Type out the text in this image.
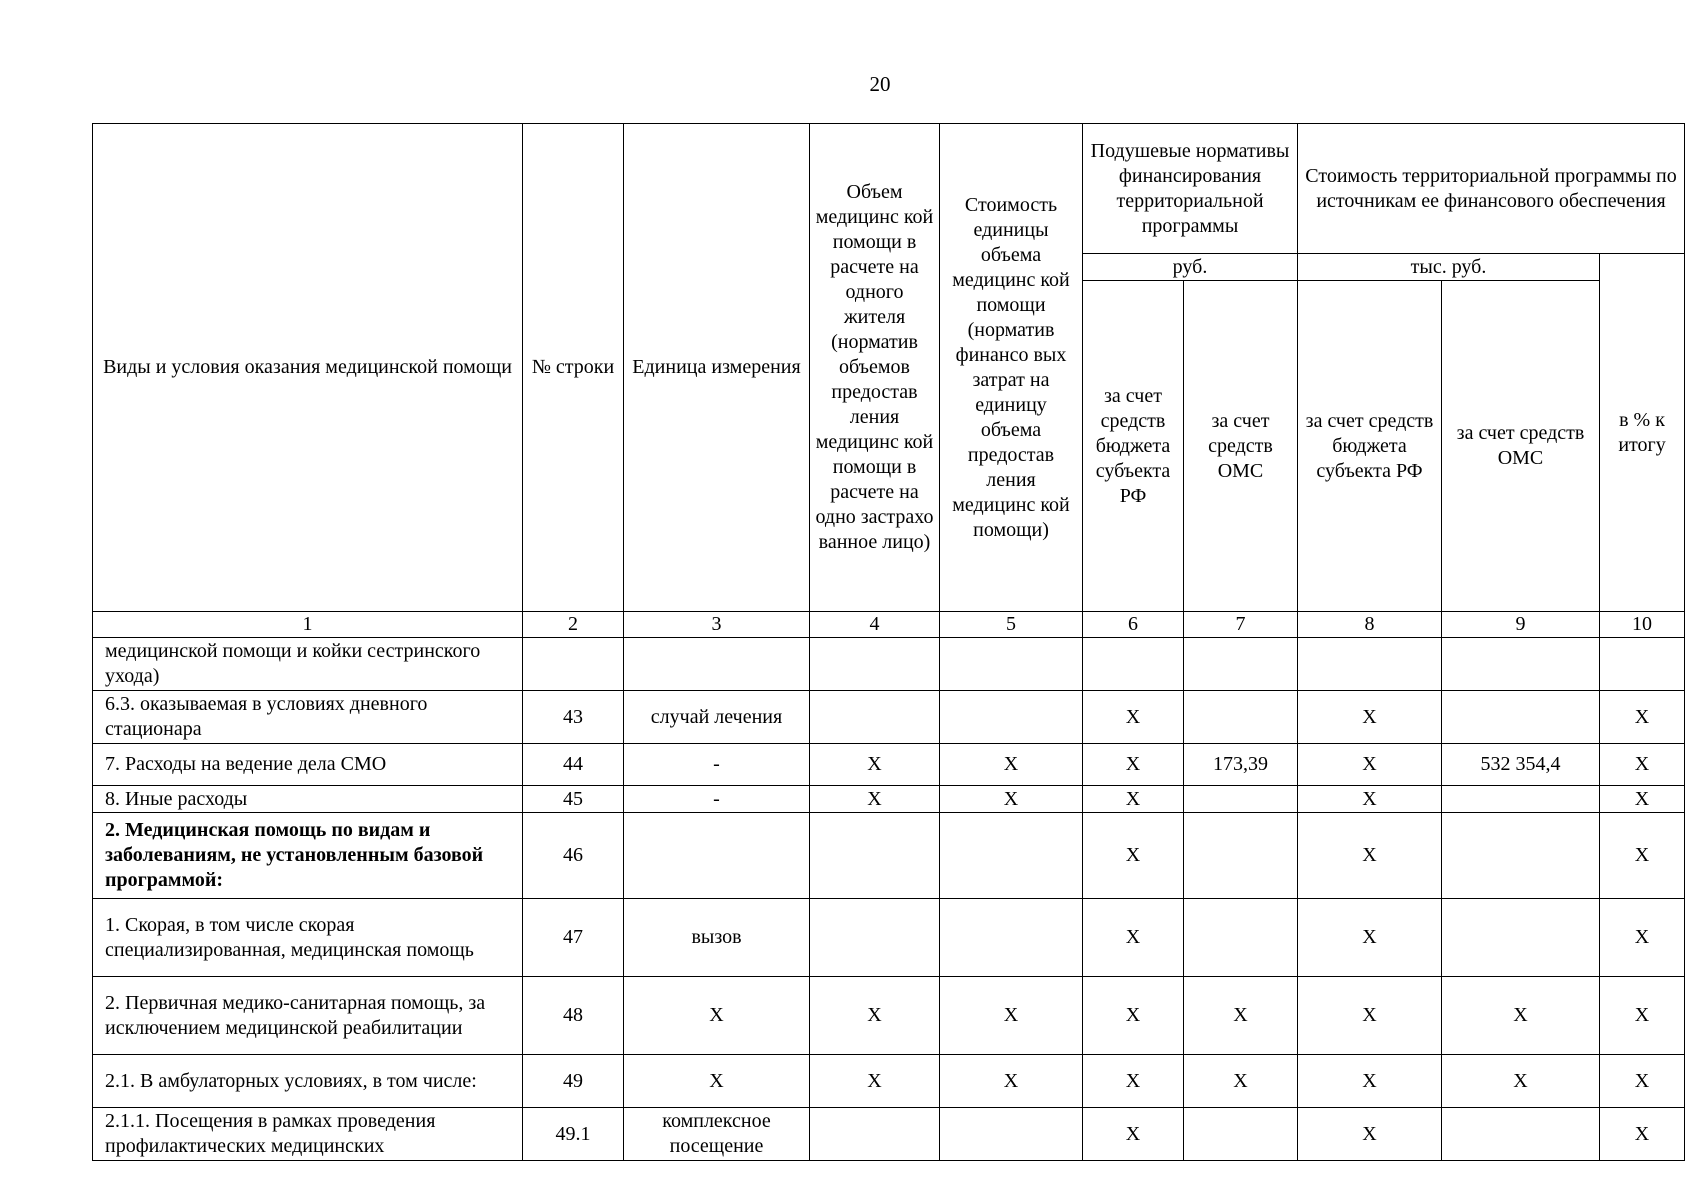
20
Виды и условия оказания медицинской помощи	№ строки	Единица измерения	Объем медицинс кой помощи в расчете на одного жителя (норматив объемов предостав ления медицинс кой помощи в расчете на одно застрахо ванное лицо)	Стоимость единицы объема медицинс кой помощи (норматив финансо вых затрат на единицу объема предостав ления медицинс кой помощи)	Подушевые нормативы финансирования территориальной программы		Стоимость территориальной программы по источникам ее финансового обеспечения		
					руб.		тыс. руб.		в % к итогу
					за счет средств бюджета субъекта РФ	за счет средств ОМС	за счет средств бюджета субъекта РФ	за счет средств ОМС	
1	2	3	4	5	6	7	8	9	10
медицинской помощи и койки сестринского ухода)									
6.3. оказываемая в условиях дневного стационара	43	случай лечения			Х		Х		Х
7. Расходы на ведение дела СМО	44	-	Х	Х	Х	173,39	Х	532 354,4	Х
8. Иные расходы	45	-	Х	Х	Х		Х		Х
2. Медицинская помощь по видам и заболеваниям, не установленным базовой программой:	46				Х		Х		Х
1. Скорая, в том числе скорая специализированная, медицинская помощь	47	вызов			Х		Х		Х
2. Первичная медико-санитарная помощь, за исключением медицинской реабилитации	48	Х	Х	Х	Х	Х	Х	Х	Х
2.1. В амбулаторных условиях, в том числе:	49	Х	Х	Х	Х	Х	Х	Х	Х
2.1.1. Посещения в рамках проведения профилактических медицинских	49.1	комплексное посещение			Х		Х		Х
